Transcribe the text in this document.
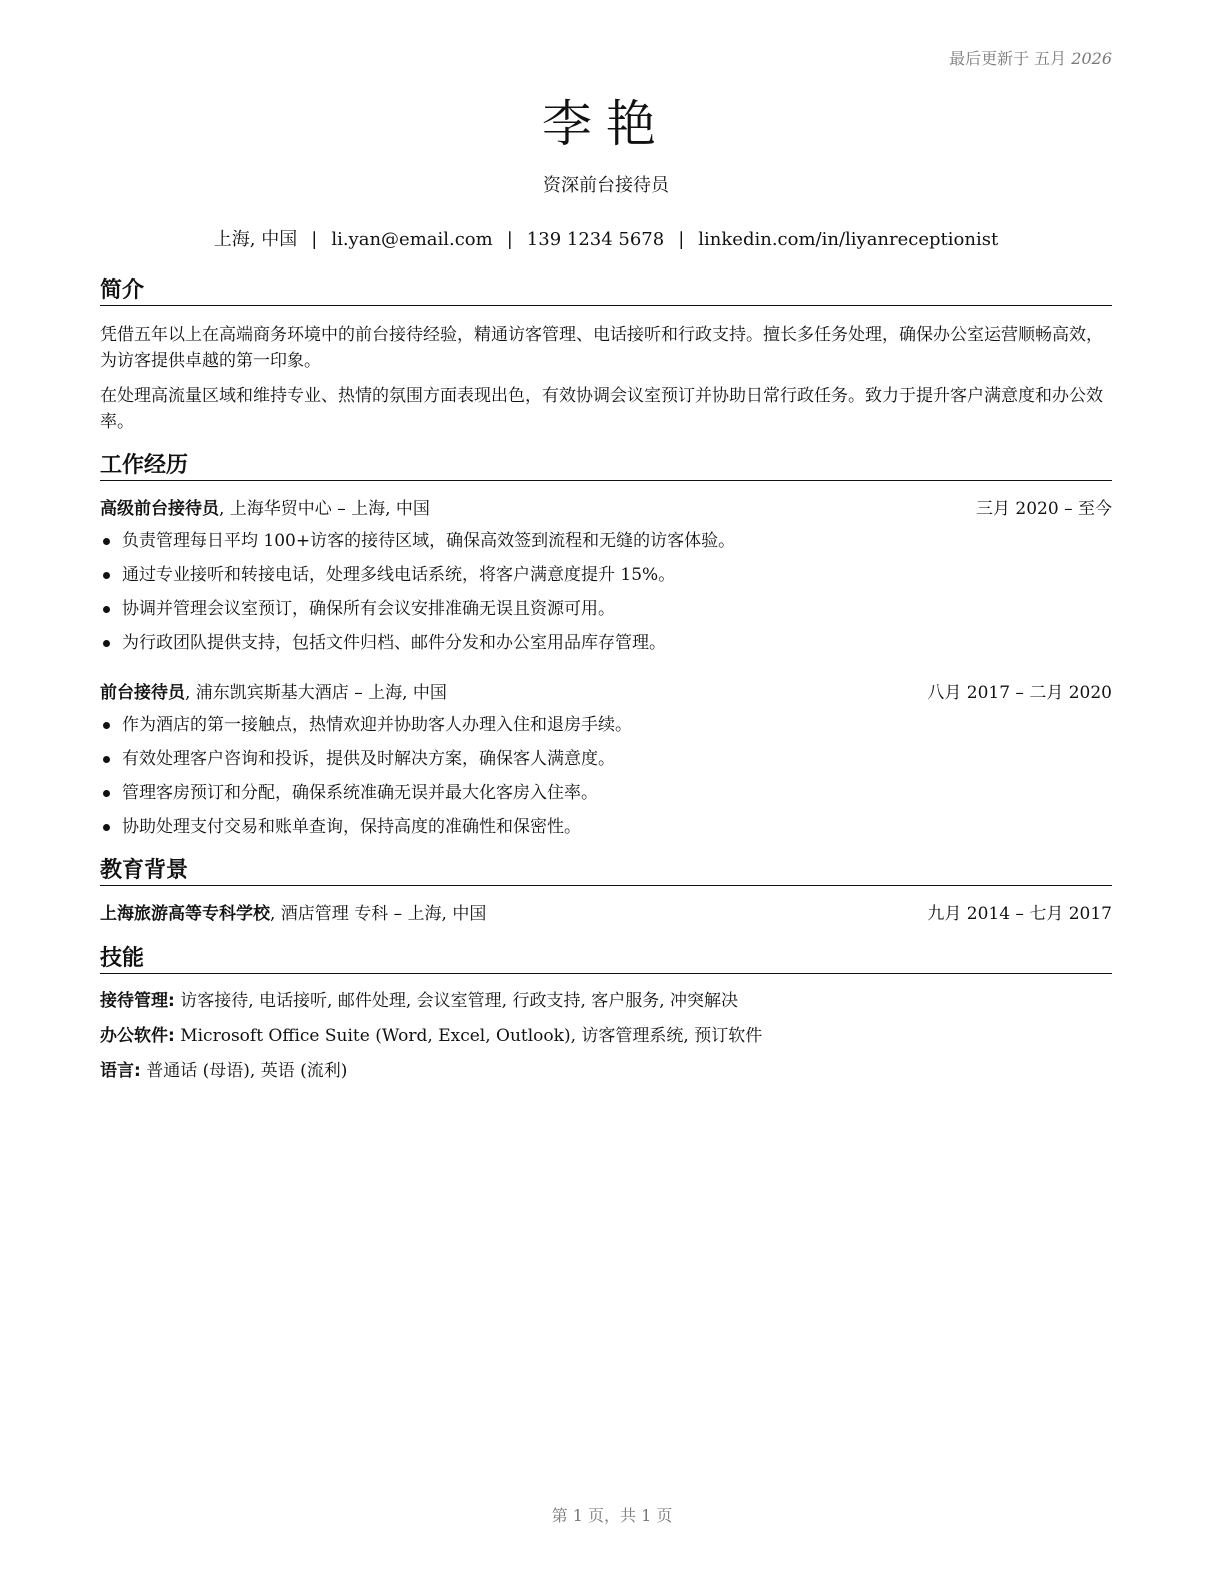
最后更新于 五月 2026
李艳
资深前台接待员
上海, 中国 | li.yan@email.com | 139 1234 5678 | linkedin.com/in/liyanreceptionist
简介
凭借五年以上在高端商务环境中的前台接待经验，精通访客管理、电话接听和行政支持。擅长多任务处理，确保办公室运营顺畅高效，为访客提供卓越的第一印象。
在处理高流量区域和维持专业、热情的氛围方面表现出色，有效协调会议室预订并协助日常行政任务。致力于提升客户满意度和办公效率。
工作经历
高级前台接待员, 上海华贸中心 – 上海, 中国	三月 2020 – 至今
负责管理每日平均 100+访客的接待区域，确保高效签到流程和无缝的访客体验。
通过专业接听和转接电话，处理多线电话系统，将客户满意度提升 15%。
协调并管理会议室预订，确保所有会议安排准确无误且资源可用。
为行政团队提供支持，包括文件归档、邮件分发和办公室用品库存管理。
前台接待员, 浦东凯宾斯基大酒店 – 上海, 中国	八月 2017 – 二月 2020
作为酒店的第一接触点，热情欢迎并协助客人办理入住和退房手续。
有效处理客户咨询和投诉，提供及时解决方案，确保客人满意度。
管理客房预订和分配，确保系统准确无误并最大化客房入住率。
协助处理支付交易和账单查询，保持高度的准确性和保密性。
教育背景
上海旅游高等专科学校, 酒店管理 专科 – 上海, 中国	九月 2014 – 七月 2017
技能
接待管理: 访客接待, 电话接听, 邮件处理, 会议室管理, 行政支持, 客户服务, 冲突解决
办公软件: Microsoft Office Suite (Word, Excel, Outlook), 访客管理系统, 预订软件
语言: 普通话 (母语), 英语 (流利)
第 1 页，共 1 页
